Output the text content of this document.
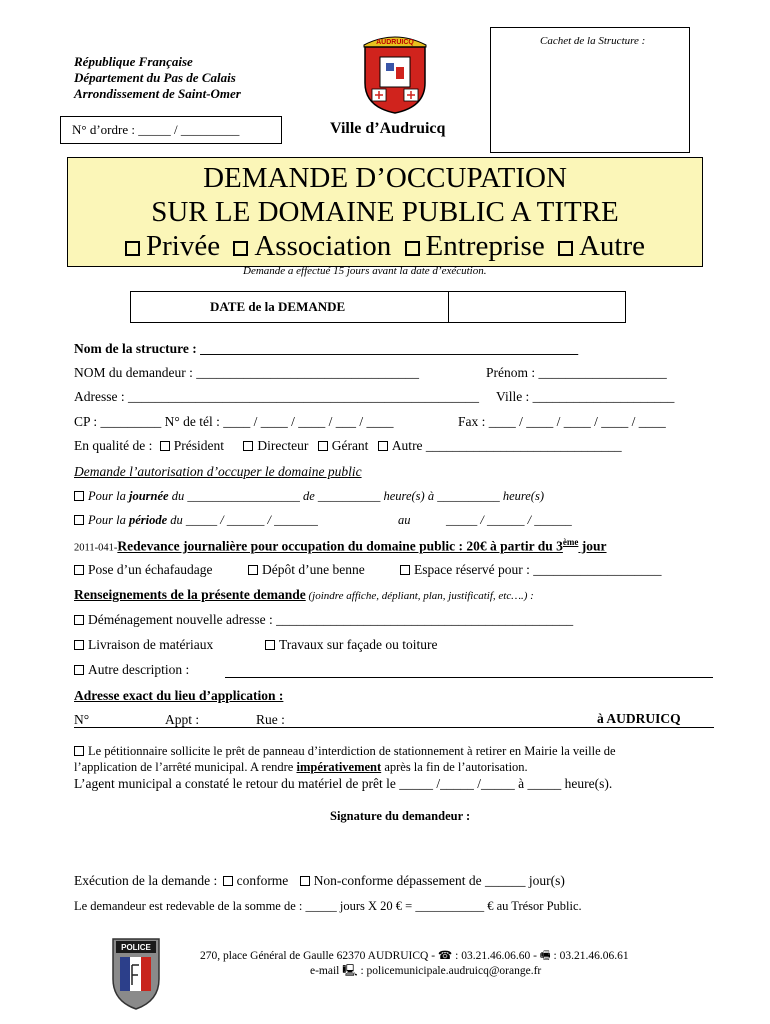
Cachet de la Structure :
République Française
Département du Pas de Calais
Arrondissement de Saint-Omer
N° d’ordre : _____ / _________
AUDRUICQ
Ville d’Audruicq
DEMANDE D’OCCUPATION
SUR LE DOMAINE PUBLIC A TITRE
Privée Association Entreprise Autre
Demande a effectué 15 jours avant la date d’exécution.
DATE de la DEMANDE
Nom de la structure : ________________________________________________________
NOM du demandeur : _________________________________	Prénom : ___________________
Adresse : ____________________________________________________ Ville : _____________________
CP : _________ N° de tél : ____ / ____ / ____ / ___ / ____	Fax : ____ / ____ / ____ / ____ / ____
En qualité de : Président Directeur Gérant Autre _____________________________
Demande l’autorisation d’occuper le domaine public
Pour la journée du __________________ de __________ heure(s) à __________ heure(s)
Pour la période du _____ / ______ / _______	au	_____ / ______ / ______
2011-041-Redevance journalière pour occupation du domaine public : 20€ à partir du 3ème jour
Pose d’un échafaudage	Dépôt d’une benne	Espace réservé pour : ___________________
Renseignements de la présente demande (joindre affiche, dépliant, plan, justificatif, etc….) :
Déménagement nouvelle adresse : ____________________________________________
Livraison de matériaux	Travaux sur façade ou toiture
Autre description :
Adresse exact du lieu d’application :
N°	Appt :	Rue :	à AUDRUICQ
Le pétitionnaire sollicite le prêt de panneau d’interdiction de stationnement à retirer en Mairie la veille de
l’application de l’arrêté municipal. A rendre impérativement après la fin de l’autorisation.
L’agent municipal a constaté le retour du matériel de prêt le _____ /_____ /_____ à _____ heure(s).
Signature du demandeur :
Exécution de la demande : conforme Non-conforme dépassement de ______ jour(s)
Le demandeur est redevable de la somme de : _____ jours X 20 € = ___________ € au Trésor Public.
POLICE
270, place Général de Gaulle 62370 AUDRUICQ - ☎ : 03.21.46.06.60 - 🖷 : 03.21.46.06.61
e-mail 🖳 : policemunicipale.audruicq@orange.fr
